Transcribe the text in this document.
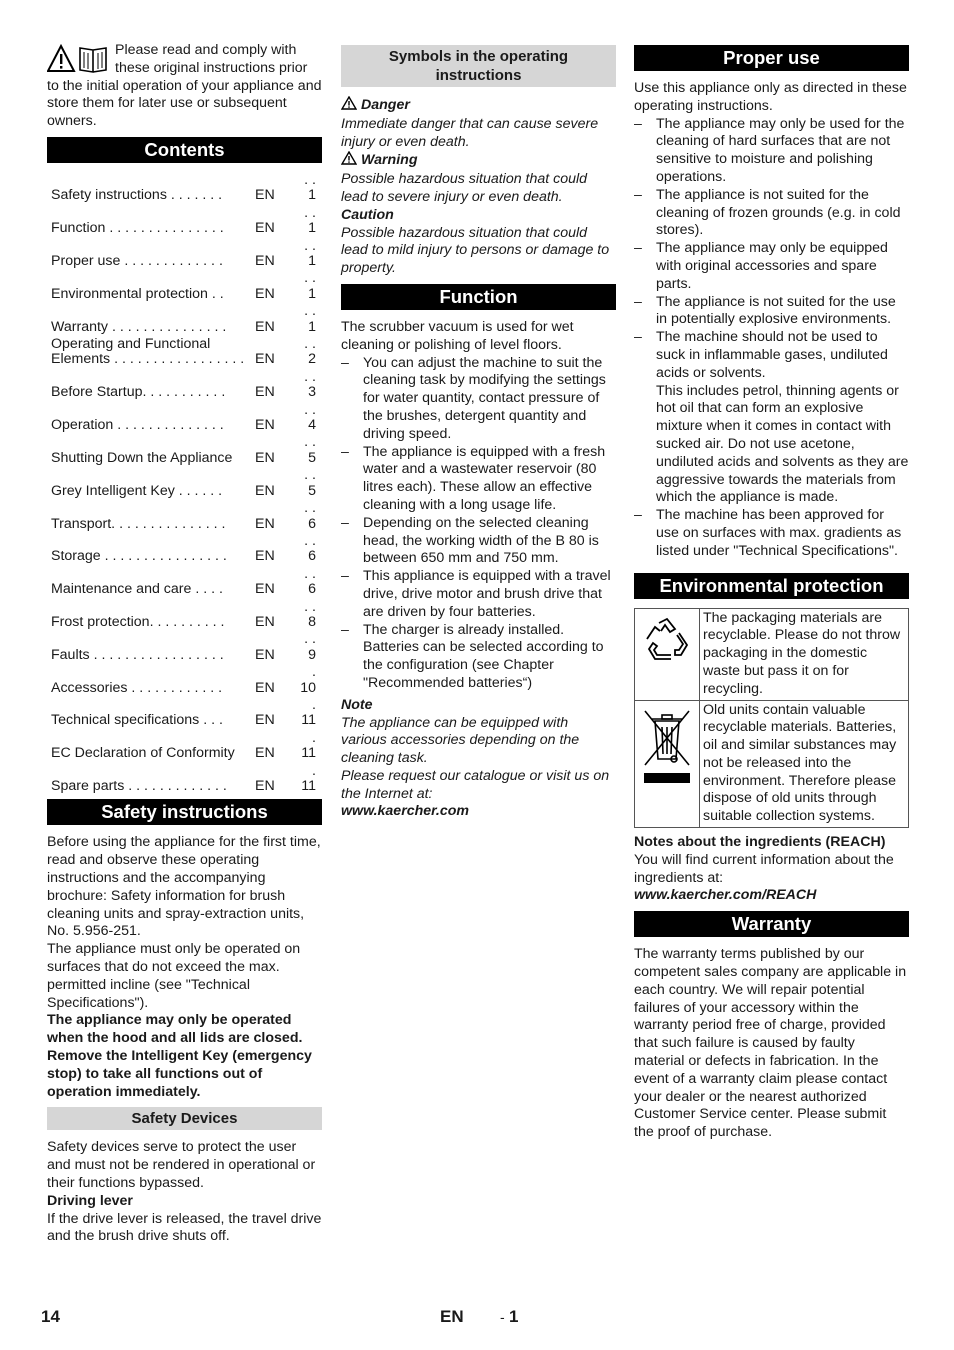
Please read and comply with these original instructions prior to the initial operation of your appliance and store them for later use or subsequent owners.

Contents
Safety instructions . . . . . . .	EN	. . 1
Function . . . . . . . . . . . . . . .	EN	. . 1
Proper use . . . . . . . . . . . . .	EN	. . 1
Environmental protection . .	EN	. . 1
Warranty . . . . . . . . . . . . . . .	EN	. . 1
Operating and Functional Elements . . . . . . . . . . . . . . . . .	EN	. . 2
Before Startup. . . . . . . . . . .	EN	. . 3
Operation . . . . . . . . . . . . . .	EN	. . 4
Shutting Down the Appliance	EN	. . 5
Grey Intelligent Key . . . . . .	EN	. . 5
Transport. . . . . . . . . . . . . . .	EN	. . 6
Storage . . . . . . . . . . . . . . . .	EN	. . 6
Maintenance and care . . . .	EN	. . 6
Frost protection. . . . . . . . . .	EN	. . 8
Faults . . . . . . . . . . . . . . . . .	EN	. . 9
Accessories . . . . . . . . . . . .	EN	. 10
Technical specifications . . .	EN	. 11
EC Declaration of Conformity	EN	. 11
Spare parts . . . . . . . . . . . . .	EN	. 11
Safety instructions

Before using the appliance for the first time, read and observe these operating instructions and the accompanying brochure: Safety information for brush cleaning units and spray-extraction units, No. 5.956-251.

The appliance must only be operated on surfaces that do not exceed the max. permitted incline (see "Technical Specifications").

The appliance may only be operated when the hood and all lids are closed.

Remove the Intelligent Key (emergency stop) to take all functions out of operation immediately.

Safety Devices

Safety devices serve to protect the user and must not be rendered in operational or their functions bypassed.

Driving lever

If the drive lever is released, the travel drive and the brush drive shuts off.

Symbols in the operating instructions
Danger

Immediate danger that can cause severe injury or even death.

Warning

Possible hazardous situation that could lead to severe injury or even death.

Caution

Possible hazardous situation that could lead to mild injury to persons or damage to property.

Function

The scrubber vacuum is used for wet cleaning or polishing of level floors.

– You can adjust the machine to suit the cleaning task by modifying the settings for water quantity, contact pressure of the brushes, detergent quantity and driving speed.
– The appliance is equipped with a fresh water and a wastewater reservoir (80 litres each). These allow an effective cleaning with a long usage life.
– Depending on the selected cleaning head, the working width of the B 80 is between 650 mm and 750 mm.
– This appliance is equipped with a travel drive, drive motor and brush drive that are driven by four batteries.
– The charger is already installed. Batteries can be selected according to the configuration (see Chapter "Recommended batteries“)

Note

The appliance can be equipped with various accessories depending on the cleaning task.

Please request our catalogue or visit us on the Internet at:

www.kaercher.com

Proper use

Use this appliance only as directed in these operating instructions.

– The appliance may only be used for the cleaning of hard surfaces that are not sensitive to moisture and polishing operations.
– The appliance is not suited for the cleaning of frozen grounds (e.g. in cold stores).
– The appliance may only be equipped with original accessories and spare parts.
– The appliance is not suited for the use in potentially explosive environments.
– The machine should not be used to suck in inflammable gases, undiluted acids or solvents.
This includes petrol, thinning agents or hot oil that can form an explosive mixture when it comes in contact with sucked air. Do not use acetone, undiluted acids and solvents as they are aggressive towards the materials from which the appliance is made.
– The machine has been approved for use on surfaces with max. gradients as listed under "Technical Specifications".
Environmental protection
	The packaging materials are recyclable. Please do not throw packaging in the domestic waste but pass it on for recycling.
	Old units contain valuable recyclable materials. Batteries, oil and similar substances may not be released into the environment. Therefore please dispose of old units through suitable collection systems.

Notes about the ingredients (REACH)

You will find current information about the ingredients at:

www.kaercher.com/REACH

Warranty

The warranty terms published by our competent sales company are applicable in each country. We will repair potential failures of your accessory within the warranty period free of charge, provided that such failure is caused by faulty material or defects in fabrication. In the event of a warranty claim please contact your dealer or the nearest authorized Customer Service center. Please submit the proof of purchase.

14	EN	- 1
